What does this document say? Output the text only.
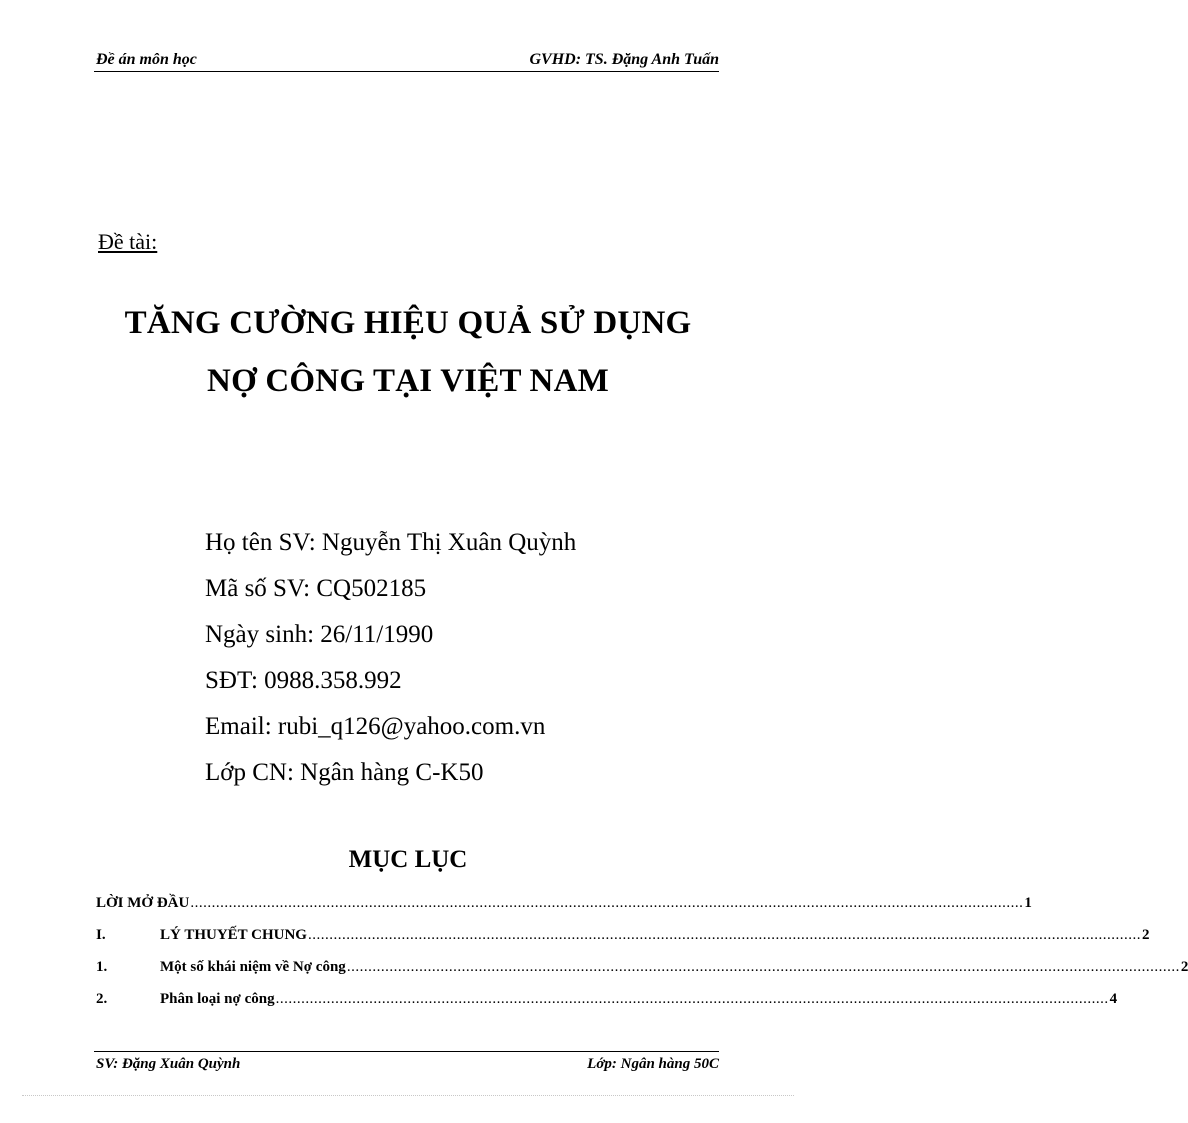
Đề án môn học	GVHD: TS. Đặng Anh Tuấn
Đề tài:
TĂNG CƯỜNG HIỆU QUẢ SỬ DỤNG
NỢ CÔNG TẠI VIỆT NAM
Họ tên SV: Nguyễn Thị Xuân Quỳnh
Mã số SV: CQ502185
Ngày sinh: 26/11/1990
SĐT: 0988.358.992
Email: rubi_q126@yahoo.com.vn
Lớp CN: Ngân hàng C-K50
MỤC LỤC
LỜI MỞ ĐẦU .................................................................................................................................................................................................... 1
I.	LÝ THUYẾT CHUNG .................................................................................................................................................................................................... 2
1.	Một số khái niệm về Nợ công .................................................................................................................................................................................................... 2
2.	Phân loại nợ công .................................................................................................................................................................................................... 4
SV: Đặng Xuân Quỳnh	Lớp: Ngân hàng 50C
